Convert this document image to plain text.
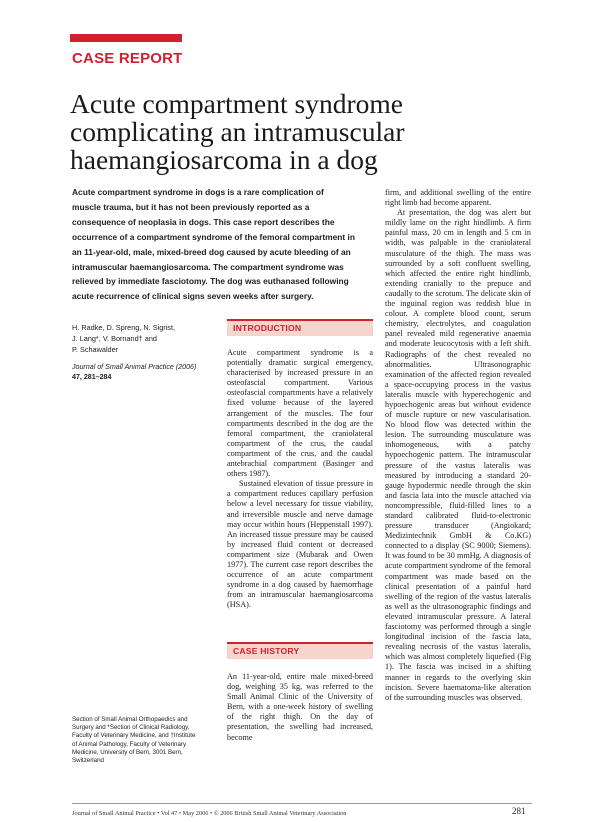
CASE REPORT
Acute compartment syndrome
complicating an intramuscular
haemangiosarcoma in a dog
Acute compartment syndrome in dogs is a rare complication of
muscle trauma, but it has not been previously reported as a
consequence of neoplasia in dogs. This case report describes the
occurrence of a compartment syndrome of the femoral compartment in
an 11-year-old, male, mixed-breed dog caused by acute bleeding of an
intramuscular haemangiosarcoma. The compartment syndrome was
relieved by immediate fasciotomy. The dog was euthanased following
acute recurrence of clinical signs seven weeks after surgery.
H. Radke, D. Spreng, N. Sigrist,
J. Lang*, V. Bornand† and
P. Schawalder
Journal of Small Animal Practice (2006)
47, 281–284
Section of Small Animal Orthopaedics and
Surgery and *Section of Clinical Radiology,
Faculty of Veterinary Medicine, and †Institute
of Animal Pathology, Faculty of Veterinary
Medicine, University of Bern, 3001 Bern,
Switzerland
INTRODUCTION

Acute compartment syndrome is a potentially dramatic surgical emergency, characterised by increased pressure in an osteofascial compartment. Various osteofascial compartments have a relatively fixed volume because of the layered arrangement of the muscles. The four compartments described in the dog are the femoral compartment, the craniolateral compartment of the crus, the caudal compartment of the crus, and the caudal antebrachial compartment (Basinger and others 1987).

Sustained elevation of tissue pressure in a compartment reduces capillary perfusion below a level necessary for tissue viability, and irreversible muscle and nerve damage may occur within hours (Heppenstall 1997). An increased tissue pressure may be caused by increased fluid content or decreased compartment size (Mubarak and Owen 1977). The current case report describes the occurrence of an acute compartment syndrome in a dog caused by haemorrhage from an intramuscular haemangiosarcoma (HSA).

CASE HISTORY

An 11-year-old, entire male mixed-breed dog, weighing 35 kg, was referred to the Small Animal Clinic of the University of Bern, with a one-week history of swelling of the right thigh. On the day of presentation, the swelling had increased, become

firm, and additional swelling of the entire right limb had become apparent.

At presentation, the dog was alert but mildly lame on the right hindlimb. A firm painful mass, 20 cm in length and 5 cm in width, was palpable in the craniolateral musculature of the thigh. The mass was surrounded by a soft confluent swelling, which affected the entire right hindlimb, extending cranially to the prepuce and caudally to the scrotum. The delicate skin of the inguinal region was reddish blue in colour. A complete blood count, serum chemistry, electrolytes, and coagulation panel revealed mild regenerative anaemia and moderate leucocytosis with a left shift. Radiographs of the chest revealed no abnormalities. Ultrasonographic examination of the affected region revealed a space-occupying process in the vastus lateralis muscle with hyperechogenic and hypoechogenic areas but without evidence of muscle rupture or new vascularisation. No blood flow was detected within the lesion. The surrounding musculature was inhomogeneous, with a patchy hypoechogenic pattern. The intramuscular pressure of the vastus lateralis was measured by introducing a standard 20-gauge hypodermic needle through the skin and fascia lata into the muscle attached via noncompressible, fluid-filled lines to a standard calibrated fluid-to-electronic pressure transducer (Angiokard; Medizintechnik GmbH & Co.KG) connected to a display (SC 9000; Siemens). It was found to be 30 mmHg. A diagnosis of acute compartment syndrome of the femoral compartment was made based on the clinical presentation of a painful hard swelling of the region of the vastus lateralis as well as the ultrasonographic findings and elevated intramuscular pressure. A lateral fasciotomy was performed through a single longitudinal incision of the fascia lata, revealing necrosis of the vastus lateralis, which was almost completely liquefied (Fig 1). The fascia was incised in a shifting manner in regards to the overlying skin incision. Severe haematoma-like alteration of the surrounding muscles was observed.

Journal of Small Animal Practice • Vol 47 • May 2006 • © 2006 British Small Animal Veterinary Association	281
